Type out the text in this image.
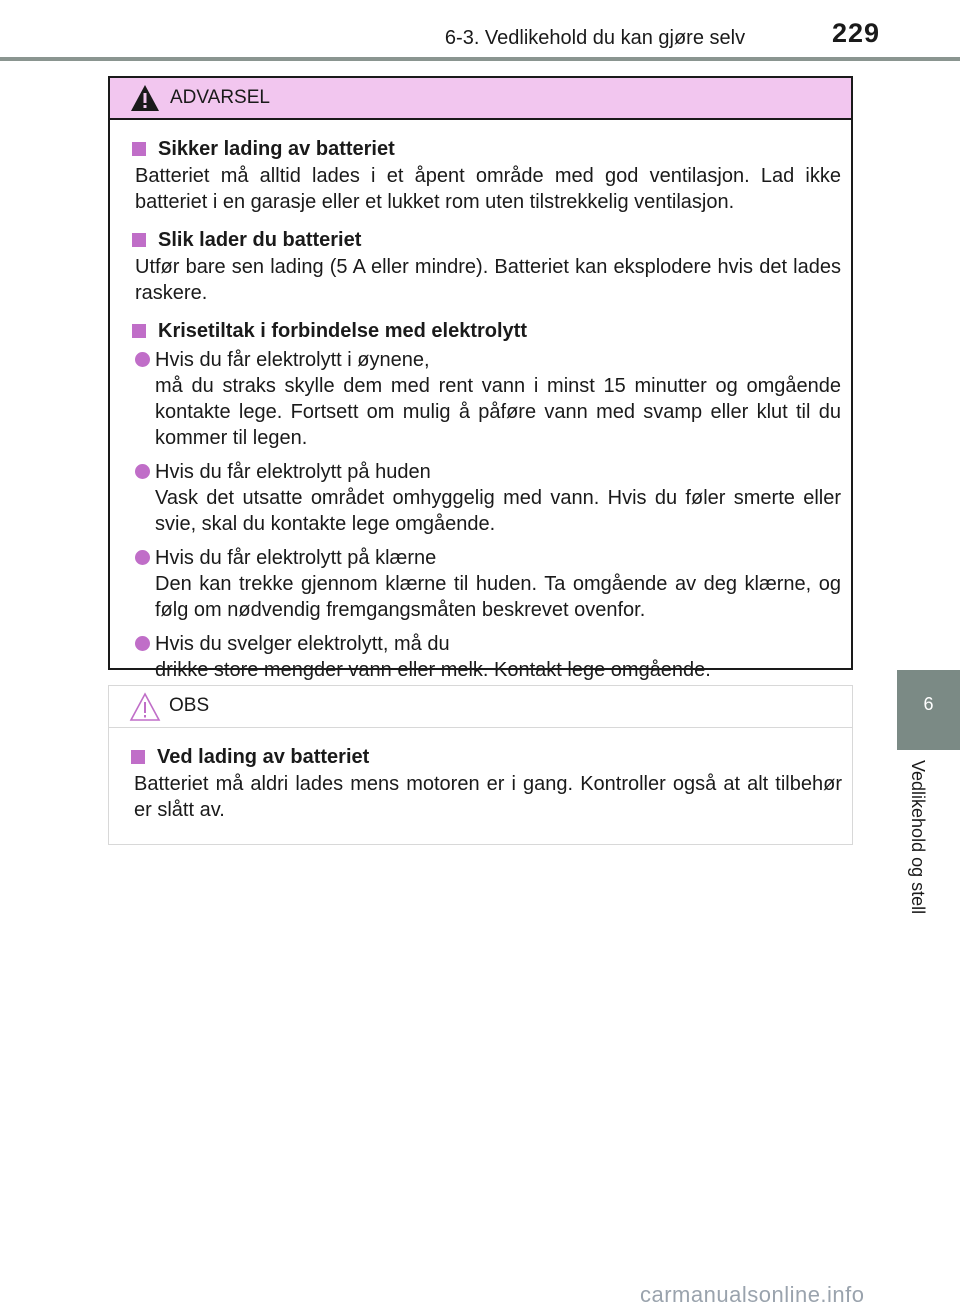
6-3. Vedlikehold du kan gjøre selv	229
6
Vedlikehold og stell
ADVARSEL
Sikker lading av batteriet
Batteriet må alltid lades i et åpent område med god ventilasjon. Lad ikke batteriet i en garasje eller et lukket rom uten tilstrekkelig ventilasjon.
Slik lader du batteriet
Utfør bare sen lading (5 A eller mindre). Batteriet kan eksplodere hvis det lades raskere.
Krisetiltak i forbindelse med elektrolytt
Hvis du får elektrolytt i øynene,
må du straks skylle dem med rent vann i minst 15 minutter og omgående kontakte lege. Fortsett om mulig å påføre vann med svamp eller klut til du kommer til legen.
Hvis du får elektrolytt på huden
Vask det utsatte området omhyggelig med vann. Hvis du føler smerte eller svie, skal du kontakte lege omgående.
Hvis du får elektrolytt på klærne
Den kan trekke gjennom klærne til huden. Ta omgående av deg klærne, og følg om nødvendig fremgangsmåten beskrevet ovenfor.
Hvis du svelger elektrolytt, må du
drikke store mengder vann eller melk. Kontakt lege omgående.
OBS
Ved lading av batteriet
Batteriet må aldri lades mens motoren er i gang. Kontroller også at alt tilbehør er slått av.
carmanualsonline.info
